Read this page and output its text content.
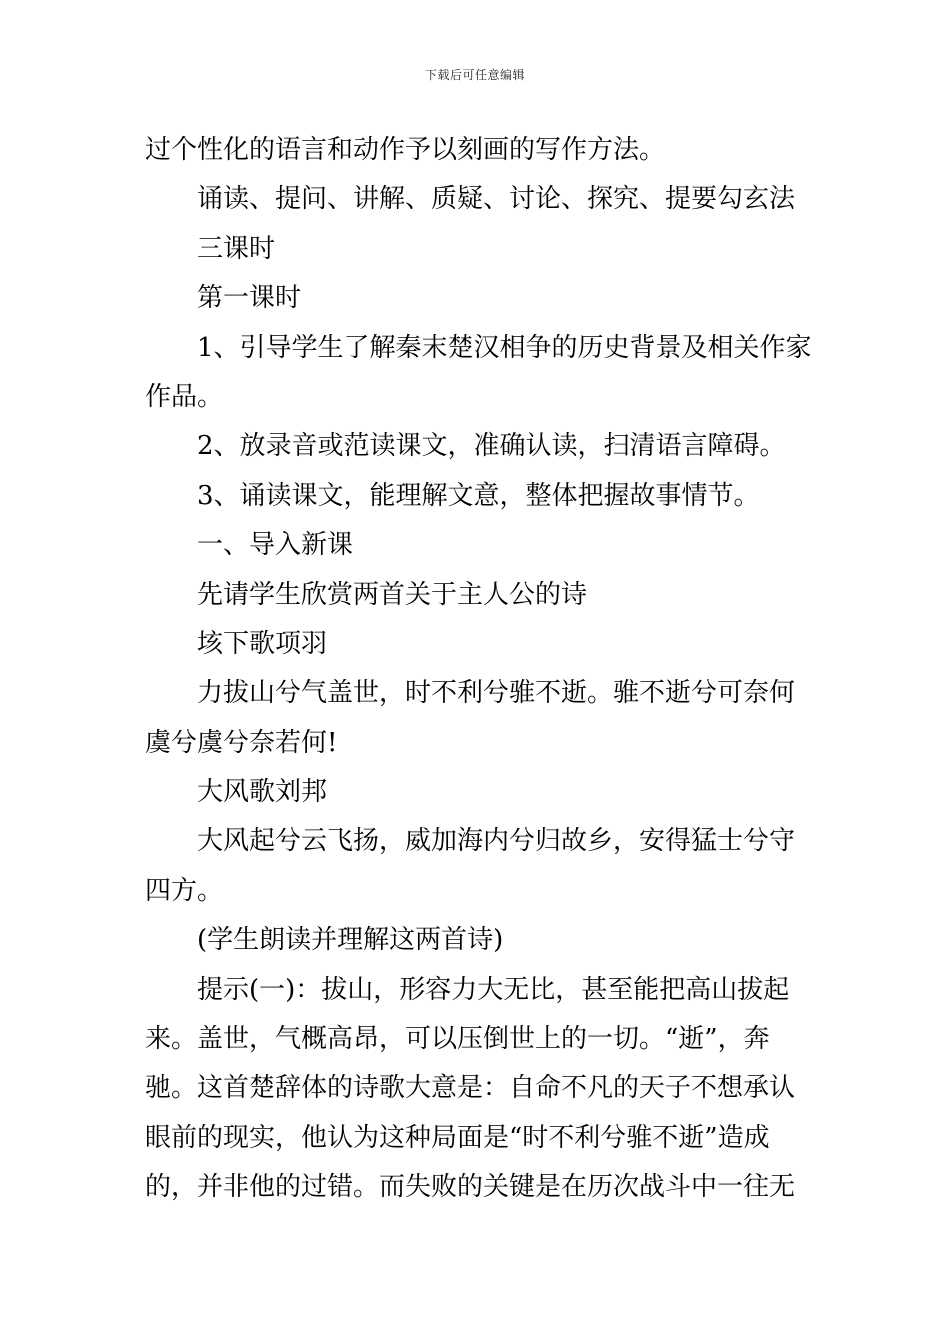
下载后可任意编辑
过个性化的语言和动作予以刻画的写作方法。
诵读、提问、讲解、质疑、讨论、探究、提要勾玄法
三课时
第一课时
1、引导学生了解秦末楚汉相争的历史背景及相关作家
作品。
2、放录音或范读课文，准确认读，扫清语言障碍。
3、诵读课文，能理解文意，整体把握故事情节。
一、导入新课
先请学生欣赏两首关于主人公的诗
垓下歌项羽
力拔山兮气盖世，时不利兮骓不逝。骓不逝兮可奈何
虞兮虞兮奈若何!
大风歌刘邦
大风起兮云飞扬，威加海内兮归故乡，安得猛士兮守
四方。
(学生朗读并理解这两首诗)
提示(一)：拔山，形容力大无比，甚至能把高山拔起
来。盖世，气概高昂，可以压倒世上的一切。“逝”，奔
驰。这首楚辞体的诗歌大意是：自命不凡的天子不想承认
眼前的现实，他认为这种局面是“时不利兮骓不逝”造成
的，并非他的过错。而失败的关键是在历次战斗中一往无
